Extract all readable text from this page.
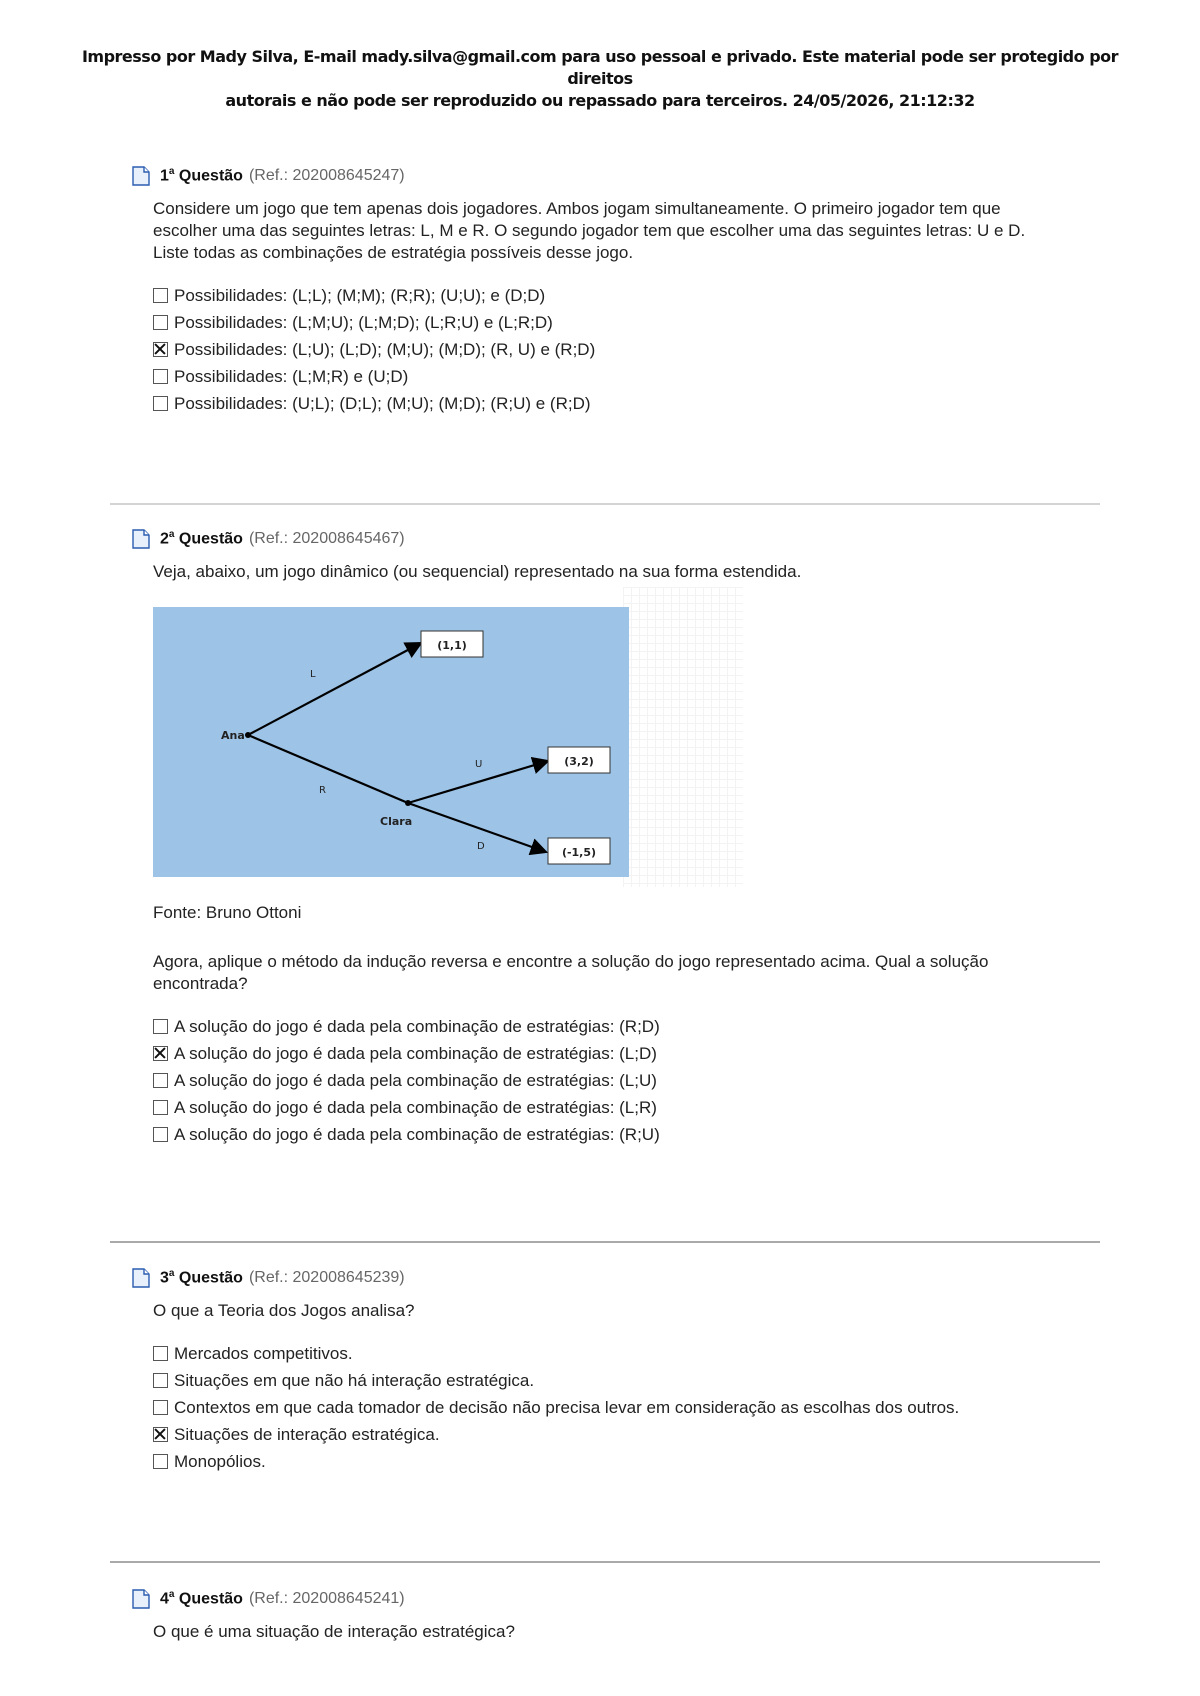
Impresso por Mady Silva, E-mail mady.silva@gmail.com para uso pessoal e privado. Este material pode ser protegido por direitos
autorais e não pode ser reproduzido ou repassado para terceiros. 24/05/2026, 21:12:32
1$^a$ Questão (Ref.: 202008645247)
Considere um jogo que tem apenas dois jogadores. Ambos jogam simultaneamente. O primeiro jogador tem que escolher uma das seguintes letras: L, M e R. O segundo jogador tem que escolher uma das seguintes letras: U e D. Liste todas as combinações de estratégia possíveis desse jogo.
Possibilidades: (L;L); (M;M); (R;R); (U;U); e (D;D)
Possibilidades: (L;M;U); (L;M;D); (L;R;U) e (L;R;D)
Possibilidades: (L;U); (L;D); (M;U); (M;D); (R, U) e (R;D)
Possibilidades: (L;M;R) e (U;D)
Possibilidades: (U;L); (D;L); (M;U); (M;D); (R;U) e (R;D)
2$^a$ Questão (Ref.: 202008645467)
Veja, abaixo, um jogo dinâmico (ou sequencial) representado na sua forma estendida.
Ana
Clara
L
R
U
D
(1,1)
(3,2)
(-1,5)
Fonte: Bruno Ottoni
Agora, aplique o método da indução reversa e encontre a solução do jogo representado acima. Qual a solução encontrada?
A solução do jogo é dada pela combinação de estratégias: (R;D)
A solução do jogo é dada pela combinação de estratégias: (L;D)
A solução do jogo é dada pela combinação de estratégias: (L;U)
A solução do jogo é dada pela combinação de estratégias: (L;R)
A solução do jogo é dada pela combinação de estratégias: (R;U)
3$^a$ Questão (Ref.: 202008645239)
O que a Teoria dos Jogos analisa?
Mercados competitivos.
Situações em que não há interação estratégica.
Contextos em que cada tomador de decisão não precisa levar em consideração as escolhas dos outros.
Situações de interação estratégica.
Monopólios.
4$^a$ Questão (Ref.: 202008645241)
O que é uma situação de interação estratégica?
